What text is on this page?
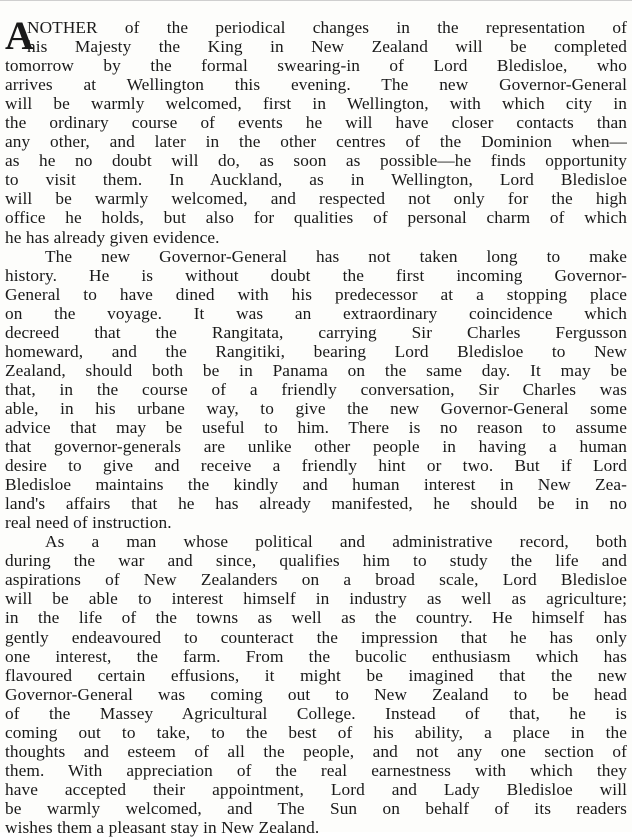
A
NOTHER of the periodical changes in the representation of
his Majesty the King in New Zealand will be completed
tomorrow by the formal swearing-in of Lord Bledisloe, who
arrives at Wellington this evening. The new Governor-General
will be warmly welcomed, first in Wellington, with which city in
the ordinary course of events he will have closer contacts than
any other, and later in the other centres of the Dominion when—
as he no doubt will do, as soon as possible—he finds opportunity
to visit them. In Auckland, as in Wellington, Lord Bledisloe
will be warmly welcomed, and respected not only for the high
office he holds, but also for qualities of personal charm of which
he has already given evidence.
The new Governor-General has not taken long to make
history. He is without doubt the first incoming Governor-
General to have dined with his predecessor at a stopping place
on the voyage. It was an extraordinary coincidence which
decreed that the Rangitata, carrying Sir Charles Fergusson
homeward, and the Rangitiki, bearing Lord Bledisloe to New
Zealand, should both be in Panama on the same day. It may be
that, in the course of a friendly conversation, Sir Charles was
able, in his urbane way, to give the new Governor-General some
advice that may be useful to him. There is no reason to assume
that governor-generals are unlike other people in having a human
desire to give and receive a friendly hint or two. But if Lord
Bledisloe maintains the kindly and human interest in New Zea-
land's affairs that he has already manifested, he should be in no
real need of instruction.
As a man whose political and administrative record, both
during the war and since, qualifies him to study the life and
aspirations of New Zealanders on a broad scale, Lord Bledisloe
will be able to interest himself in industry as well as agriculture;
in the life of the towns as well as the country. He himself has
gently endeavoured to counteract the impression that he has only
one interest, the farm. From the bucolic enthusiasm which has
flavoured certain effusions, it might be imagined that the new
Governor-General was coming out to New Zealand to be head
of the Massey Agricultural College. Instead of that, he is
coming out to take, to the best of his ability, a place in the
thoughts and esteem of all the people, and not any one section of
them. With appreciation of the real earnestness with which they
have accepted their appointment, Lord and Lady Bledisloe will
be warmly welcomed, and The Sun on behalf of its readers
wishes them a pleasant stay in New Zealand.
